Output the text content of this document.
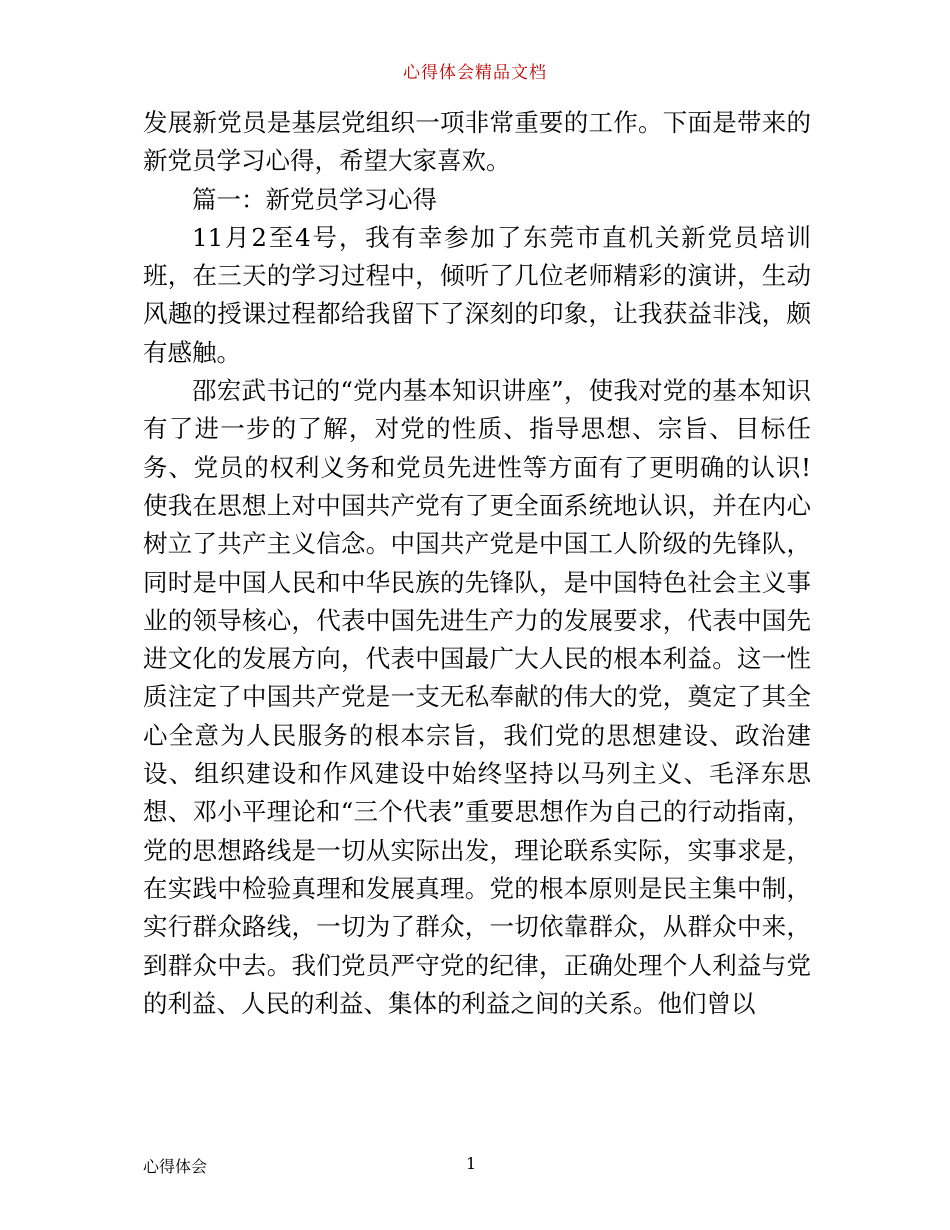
心得体会精品文档

发展新党员是基层党组织一项非常重要的工作。下面是带来的新党员学习心得，希望大家喜欢。

篇一：新党员学习心得

11月2至4号，我有幸参加了东莞市直机关新党员培训班，在三天的学习过程中，倾听了几位老师精彩的演讲，生动风趣的授课过程都给我留下了深刻的印象，让我获益非浅，颇有感触。

邵宏武书记的“党内基本知识讲座”，使我对党的基本知识有了进一步的了解，对党的性质、指导思想、宗旨、目标任务、党员的权利义务和党员先进性等方面有了更明确的认识!使我在思想上对中国共产党有了更全面系统地认识，并在内心树立了共产主义信念。中国共产党是中国工人阶级的先锋队，同时是中国人民和中华民族的先锋队，是中国特色社会主义事业的领导核心，代表中国先进生产力的发展要求，代表中国先进文化的发展方向，代表中国最广大人民的根本利益。这一性质注定了中国共产党是一支无私奉献的伟大的党，奠定了其全心全意为人民服务的根本宗旨，我们党的思想建设、政治建设、组织建设和作风建设中始终坚持以马列主义、毛泽东思想、邓小平理论和“三个代表”重要思想作为自己的行动指南，党的思想路线是一切从实际出发，理论联系实际，实事求是，在实践中检验真理和发展真理。党的根本原则是民主集中制，实行群众路线，一切为了群众，一切依靠群众，从群众中来，到群众中去。我们党员严守党的纪律，正确处理个人利益与党的利益、人民的利益、集体的利益之间的关系。他们曾以

心得体会	1
